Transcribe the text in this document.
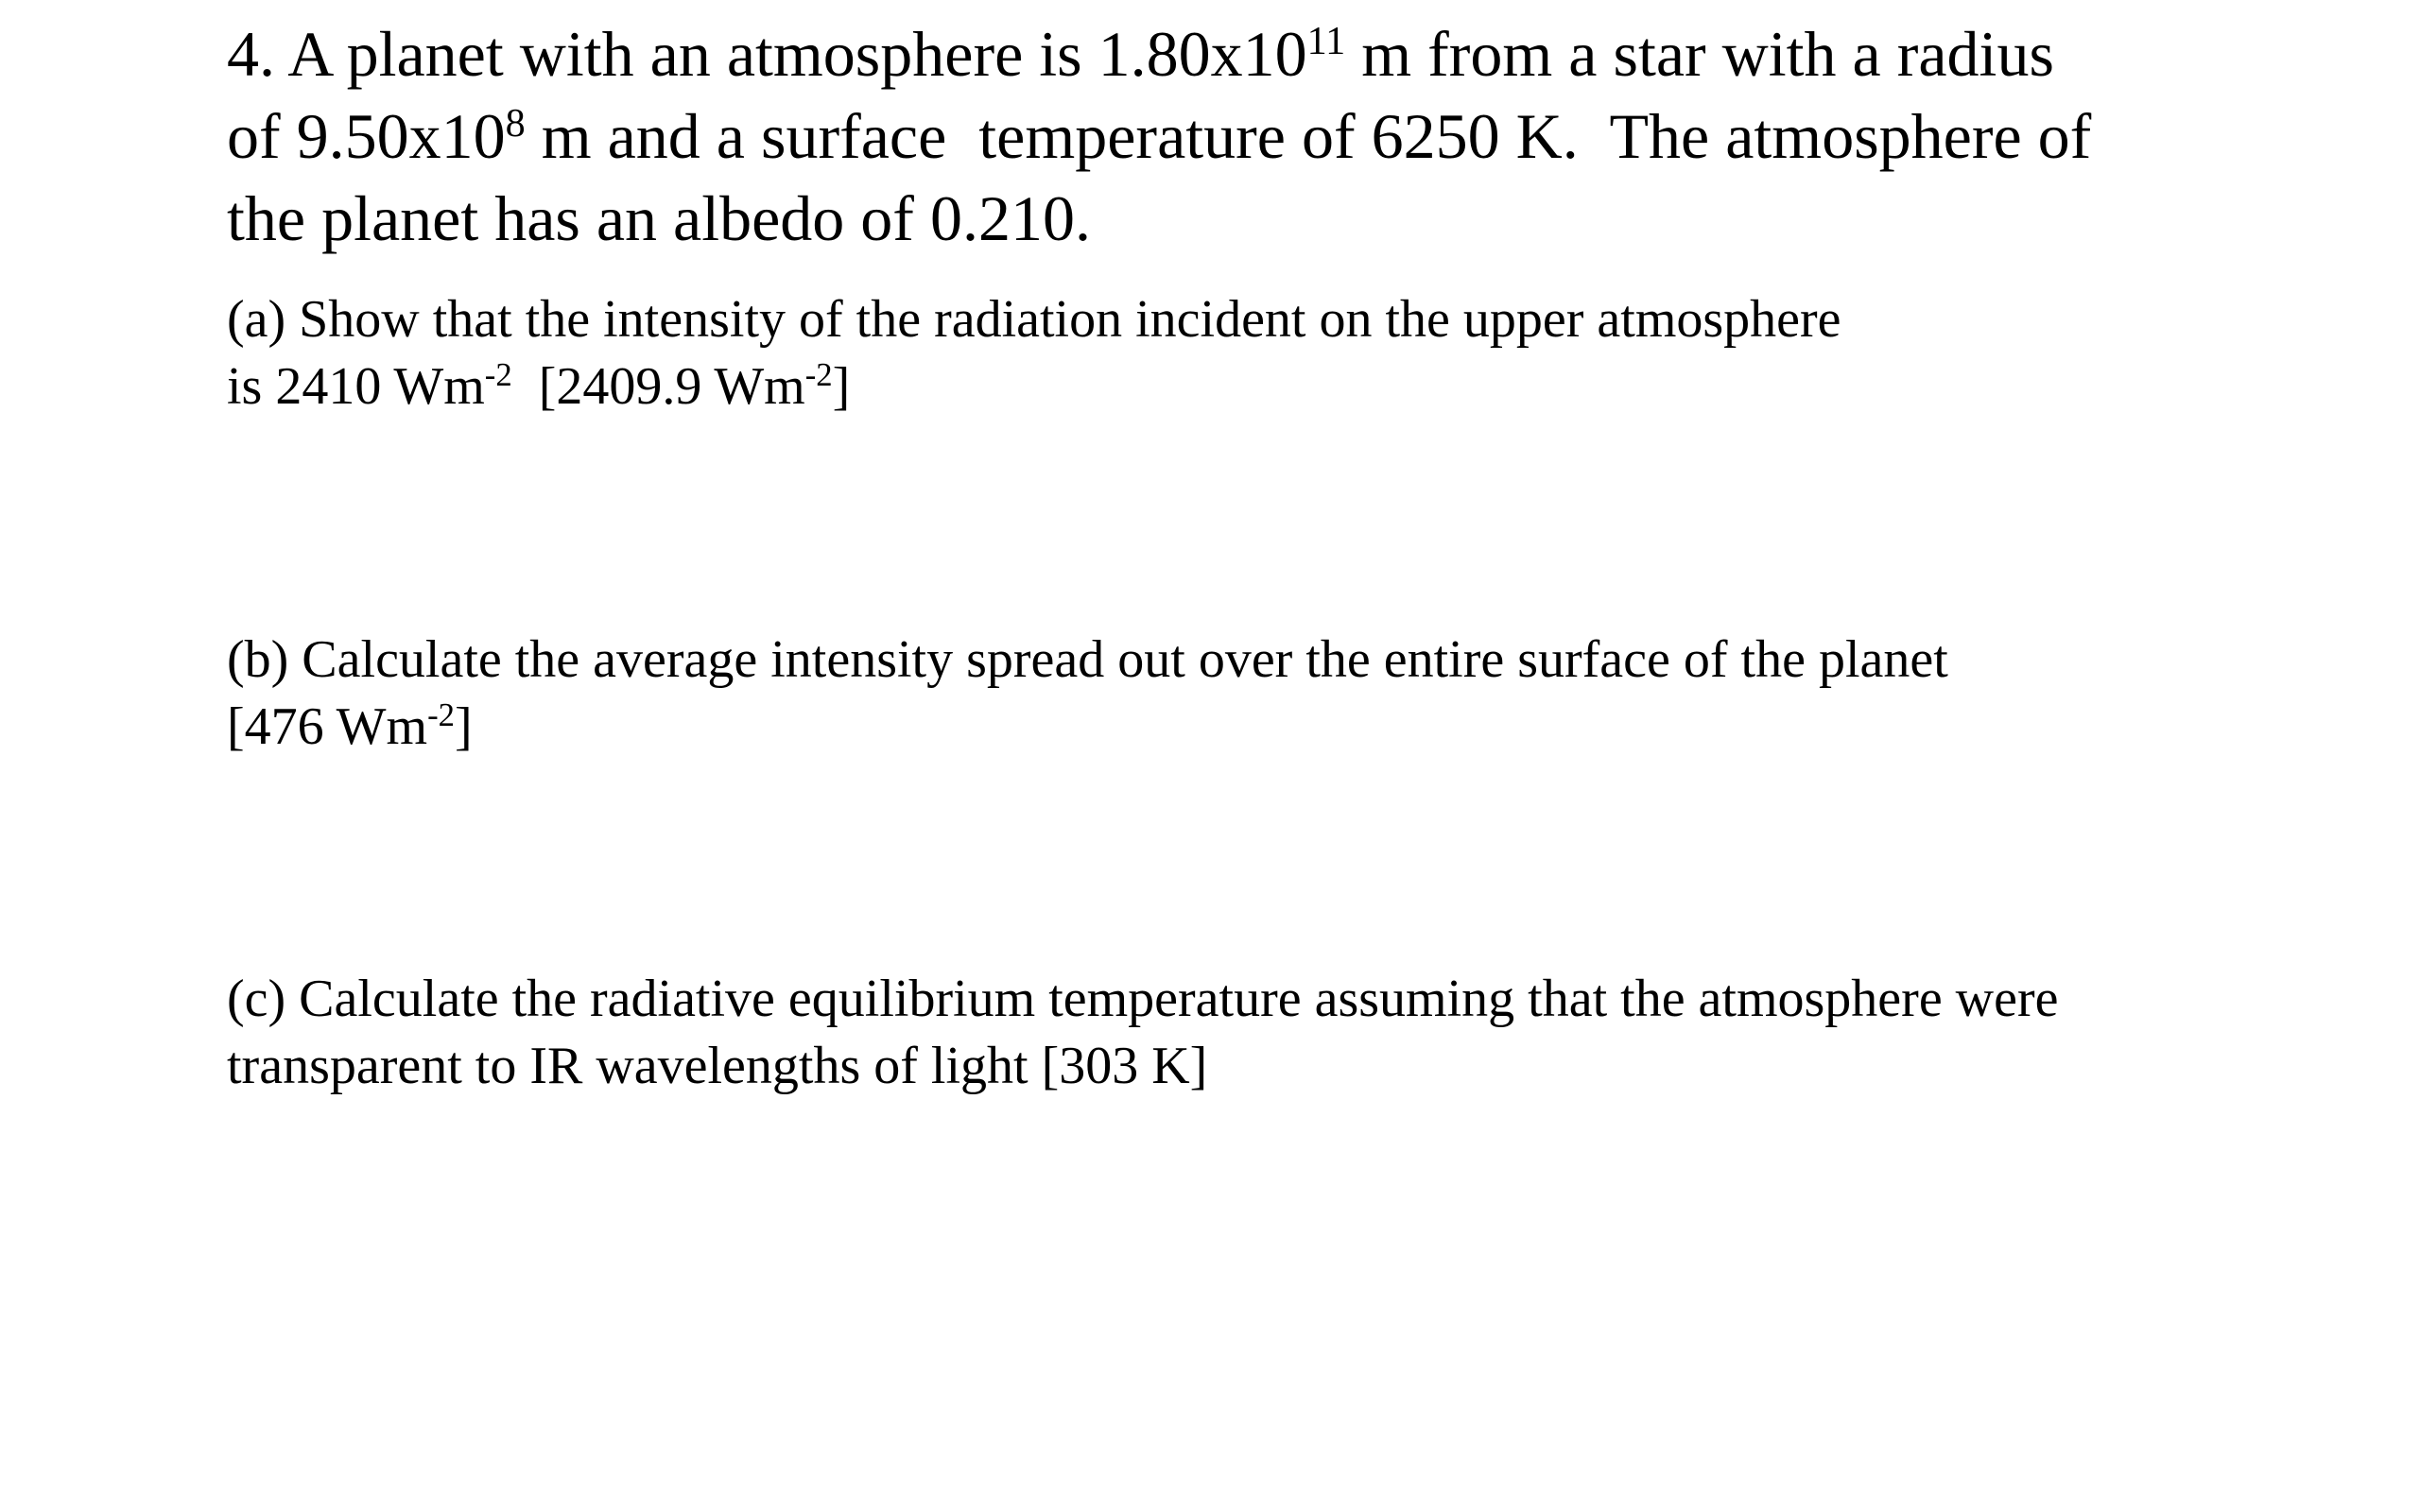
4. A planet with an atmosphere is $1.80x10^{11}$ m from a star with a radius
of $9.50x10^8$ m and a surface  temperature of 6250 K.  The atmosphere of
the planet has an albedo of 0.210.
(a) Show that the intensity of the radiation incident on the upper atmosphere
is 2410 $Wm^{-2}$  [2409.9 $Wm^{-2}$]
(b) Calculate the average intensity spread out over the entire surface of the planet
[476 $Wm^{-2}$]
(c) Calculate the radiative equilibrium temperature assuming that the atmosphere were
transparent to IR wavelengths of light [303 K]
